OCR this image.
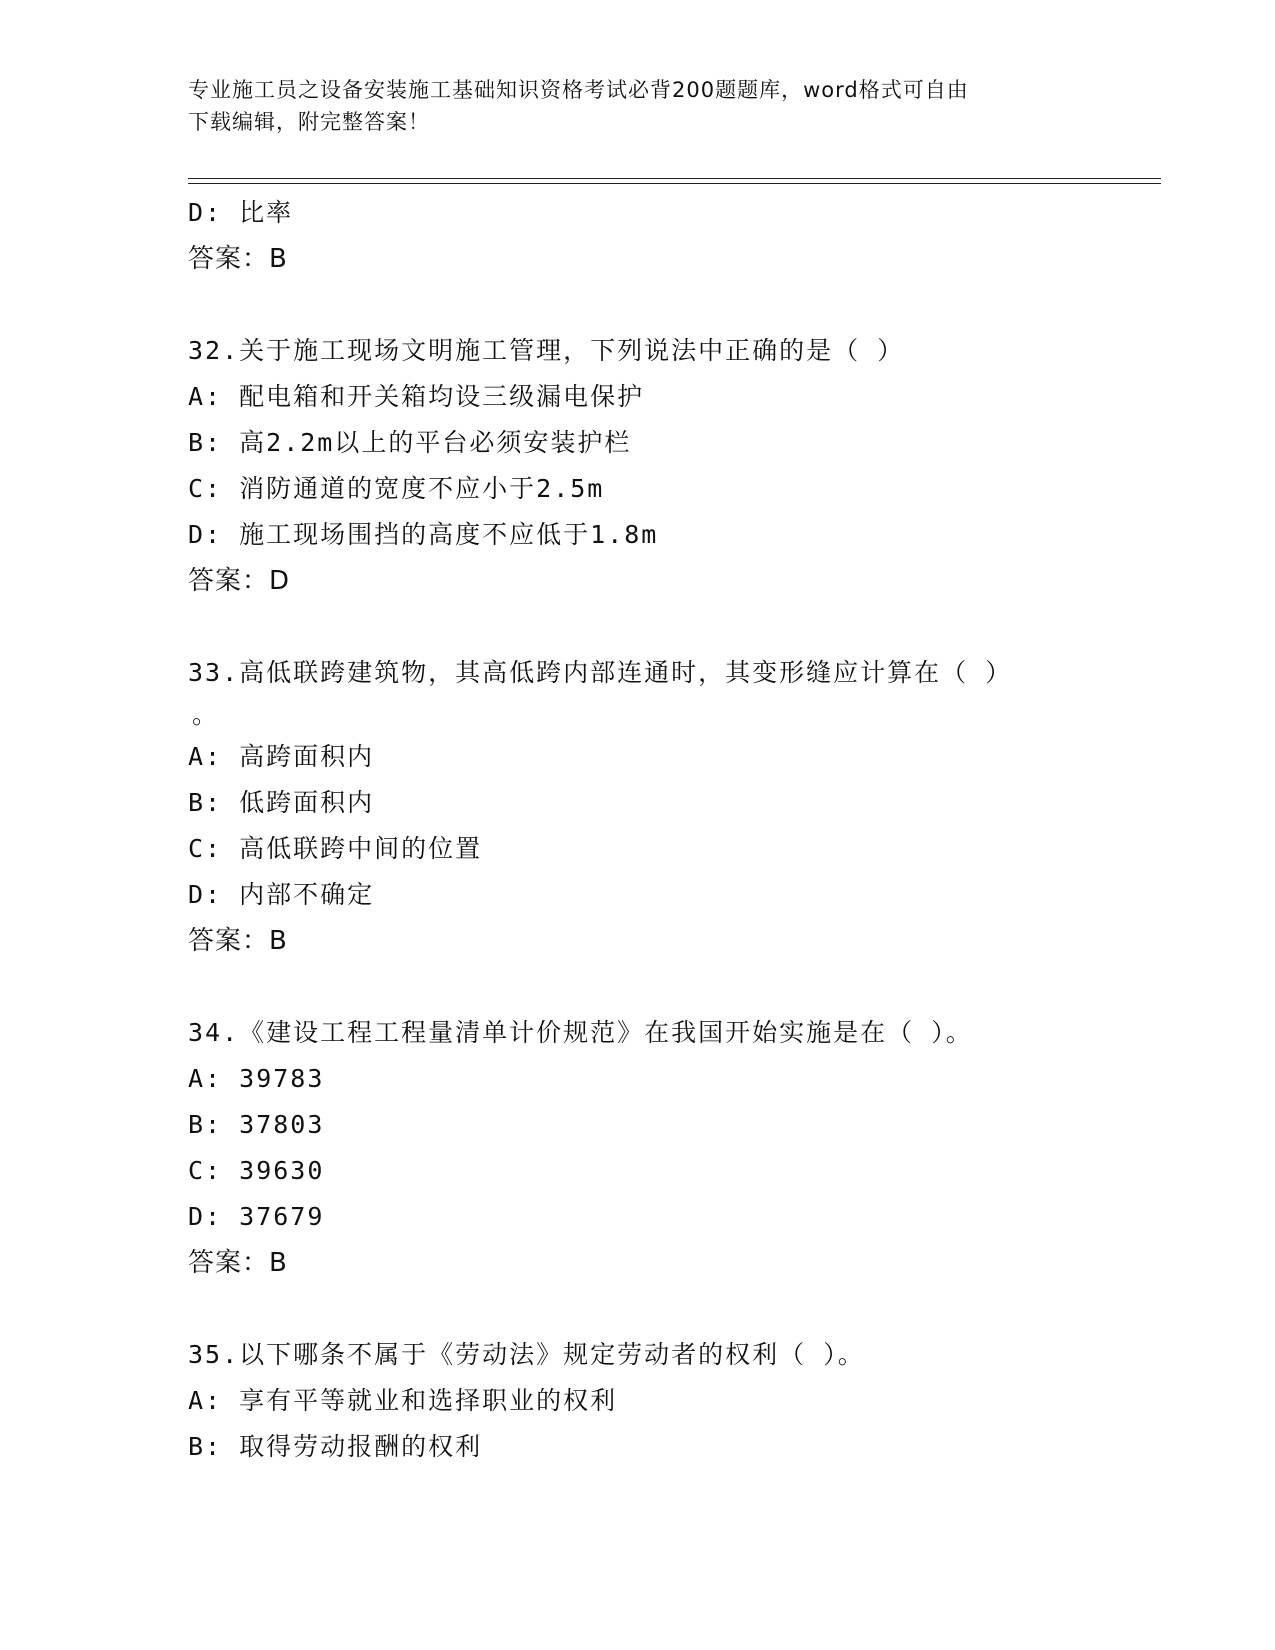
专业施工员之设备安装施工基础知识资格考试必背200题题库，word格式可自由
下载编辑，附完整答案！
D: 比率
答案：B
32.关于施工现场文明施工管理，下列说法中正确的是（ ）
A: 配电箱和开关箱均设三级漏电保护
B: 高2.2m以上的平台必须安装护栏
C: 消防通道的宽度不应小于2.5m
D: 施工现场围挡的高度不应低于1.8m
答案：D
33.高低联跨建筑物，其高低跨内部连通时，其变形缝应计算在（ ）
。
A: 高跨面积内
B: 低跨面积内
C: 高低联跨中间的位置
D: 内部不确定
答案：B
34.《建设工程工程量清单计价规范》在我国开始实施是在（ ）。
A: 39783
B: 37803
C: 39630
D: 37679
答案：B
35.以下哪条不属于《劳动法》规定劳动者的权利（ ）。
A: 享有平等就业和选择职业的权利
B: 取得劳动报酬的权利
